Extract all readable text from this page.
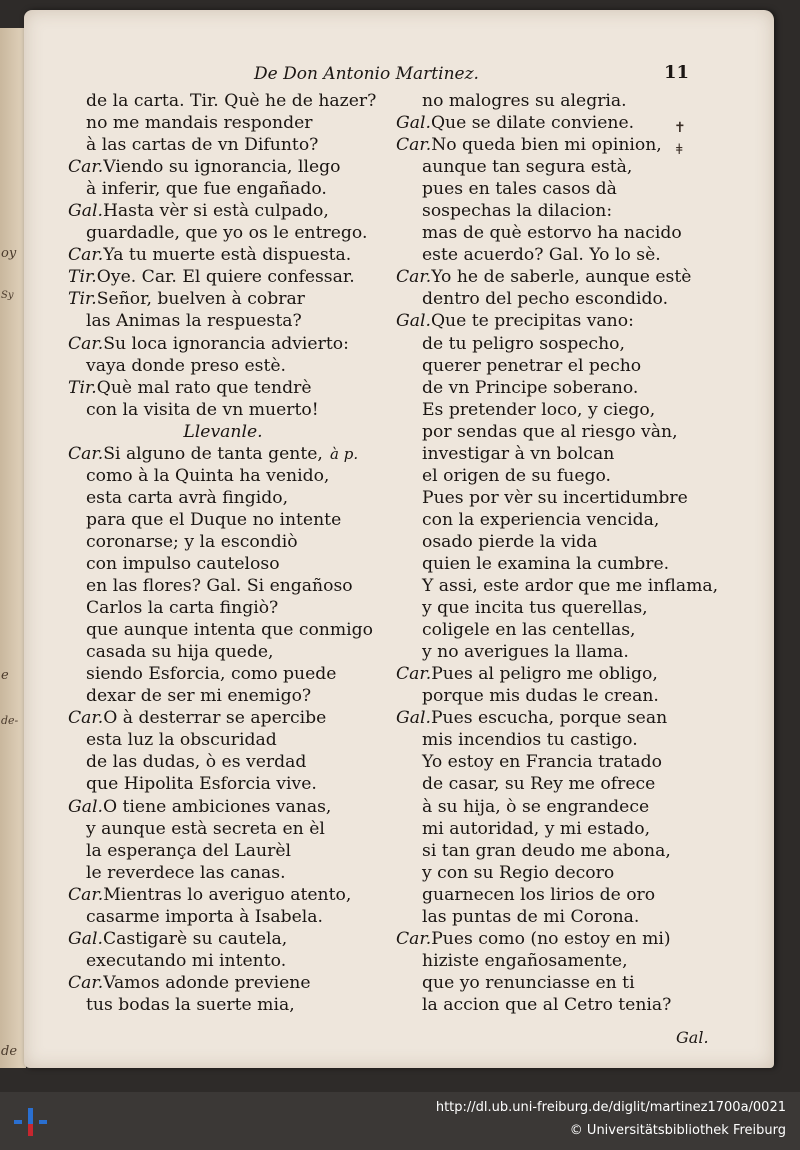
oy
Sy
e
de-
de
De Don Antonio Martinez.	11
de la carta. Tir. Què he de hazer?
no me mandais responder
à las cartas de vn Difunto?
Car.Viendo su ignorancia, llego
à inferir, que fue engañado.
Gal.Hasta vèr si està culpado,
guardadle, que yo os le entrego.
Car.Ya tu muerte està dispuesta.
Tir.Oye. Car. El quiere confessar.
Tir.Señor, buelven à cobrar
las Animas la respuesta?
Car.Su loca ignorancia advierto:
vaya donde preso estè.
Tir.Què mal rato que tendrè
con la visita de vn muerto!
Llevanle.
Car.Si alguno de tanta gente, à p.
como à la Quinta ha venido,
esta carta avrà fingido,
para que el Duque no intente
coronarse; y la escondiò
con impulso cauteloso
en las flores? Gal. Si engañoso
Carlos la carta fingiò?
que aunque intenta que conmigo
casada su hija quede,
siendo Esforcia, como puede
dexar de ser mi enemigo?
Car.O à desterrar se apercibe
esta luz la obscuridad
de las dudas, ò es verdad
que Hipolita Esforcia vive.
Gal.O tiene ambiciones vanas,
y aunque està secreta en èl
la esperança del Laurèl
le reverdece las canas.
Car.Mientras lo averiguo atento,
casarme importa à Isabela.
Gal.Castigarè su cautela,
executando mi intento.
Car.Vamos adonde previene
tus bodas la suerte mia,
no malogres su alegria.
Gal.Que se dilate conviene.
Car.No queda bien mi opinion,
aunque tan segura està,
pues en tales casos dà
sospechas la dilacion:
mas de què estorvo ha nacido
este acuerdo? Gal. Yo lo sè.
Car.Yo he de saberle, aunque estè
dentro del pecho escondido.
Gal.Que te precipitas vano:
de tu peligro sospecho,
querer penetrar el pecho
de vn Principe soberano.
Es pretender loco, y ciego,
por sendas que al riesgo vàn,
investigar à vn bolcan
el origen de su fuego.
Pues por vèr su incertidumbre
con la experiencia vencida,
osado pierde la vida
quien le examina la cumbre.
Y assi, este ardor que me inflama,
y que incita tus querellas,
coligele en las centellas,
y no averigues la llama.
Car.Pues al peligro me obligo,
porque mis dudas le crean.
Gal.Pues escucha, porque sean
mis incendios tu castigo.
Yo estoy en Francia tratado
de casar, su Rey me ofrece
à su hija, ò se engrandece
mi autoridad, y mi estado,
si tan gran deudo me abona,
y con su Regio decoro
guarnecen los lirios de oro
las puntas de mi Corona.
Car.Pues como (no estoy en mi)
hiziste engañosamente,
que yo renunciasse en ti
la accion que al Cetro tenia?
✝
ǂ
Gal.
http://dl.ub.uni-freiburg.de/diglit/martinez1700a/0021
© Universitätsbibliothek Freiburg
